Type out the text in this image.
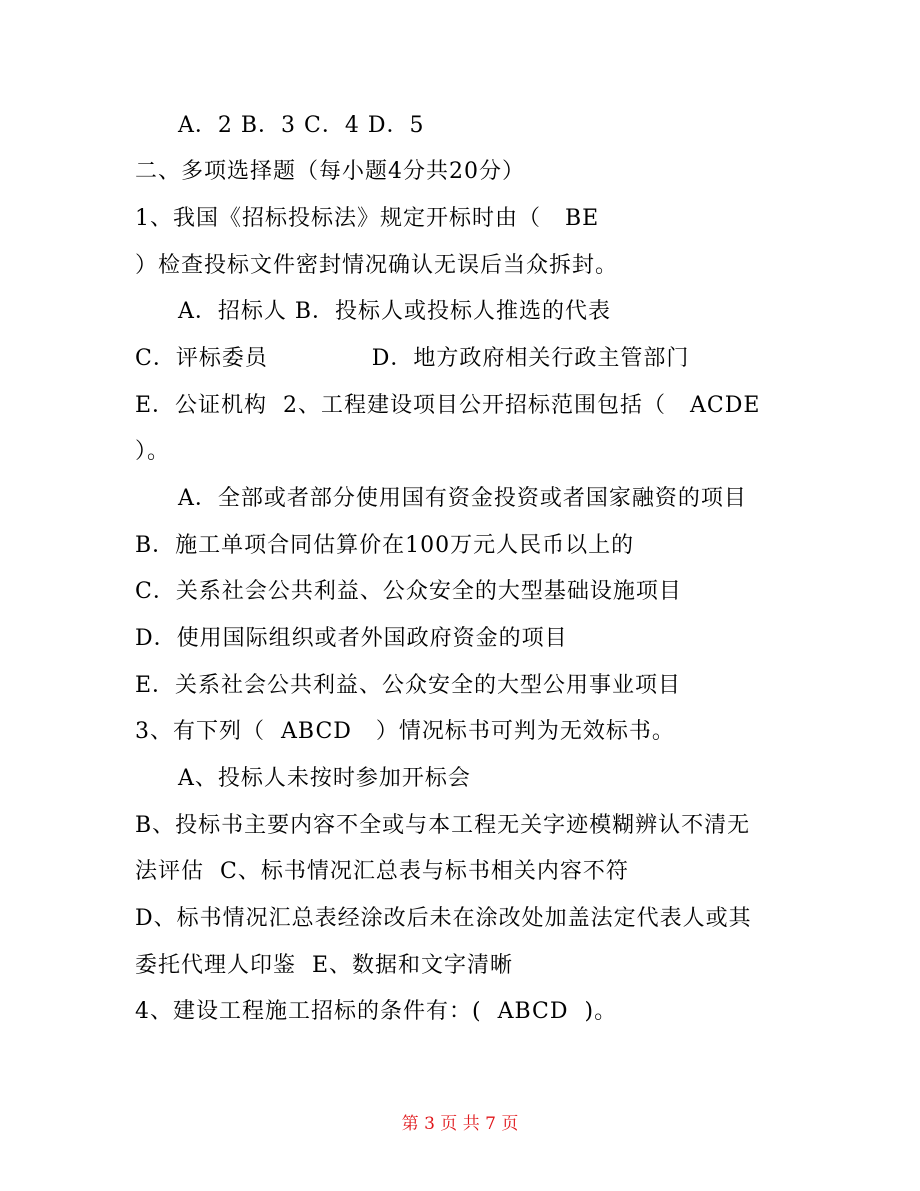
A．2 B．3 C．4 D．5
二、多项选择题（每小题4分共20分）
1、我国《招标投标法》规定开标时由（   BE
）检查投标文件密封情况确认无误后当众拆封。
A．招标人 B．投标人或投标人推选的代表
C．评标委员             D．地方政府相关行政主管部门
E．公证机构  2、工程建设项目公开招标范围包括（   ACDE
）。
A．全部或者部分使用国有资金投资或者国家融资的项目
B．施工单项合同估算价在100万元人民币以上的
C．关系社会公共利益、公众安全的大型基础设施项目
D．使用国际组织或者外国政府资金的项目
E．关系社会公共利益、公众安全的大型公用事业项目
3、有下列（  ABCD   ）情况标书可判为无效标书。
A、投标人未按时参加开标会
B、投标书主要内容不全或与本工程无关字迹模糊辨认不清无
法评估  C、标书情况汇总表与标书相关内容不符
D、标书情况汇总表经涂改后未在涂改处加盖法定代表人或其
委托代理人印鉴  E、数据和文字清晰
4、建设工程施工招标的条件有：(  ABCD  )。
第 3 页 共 7 页
